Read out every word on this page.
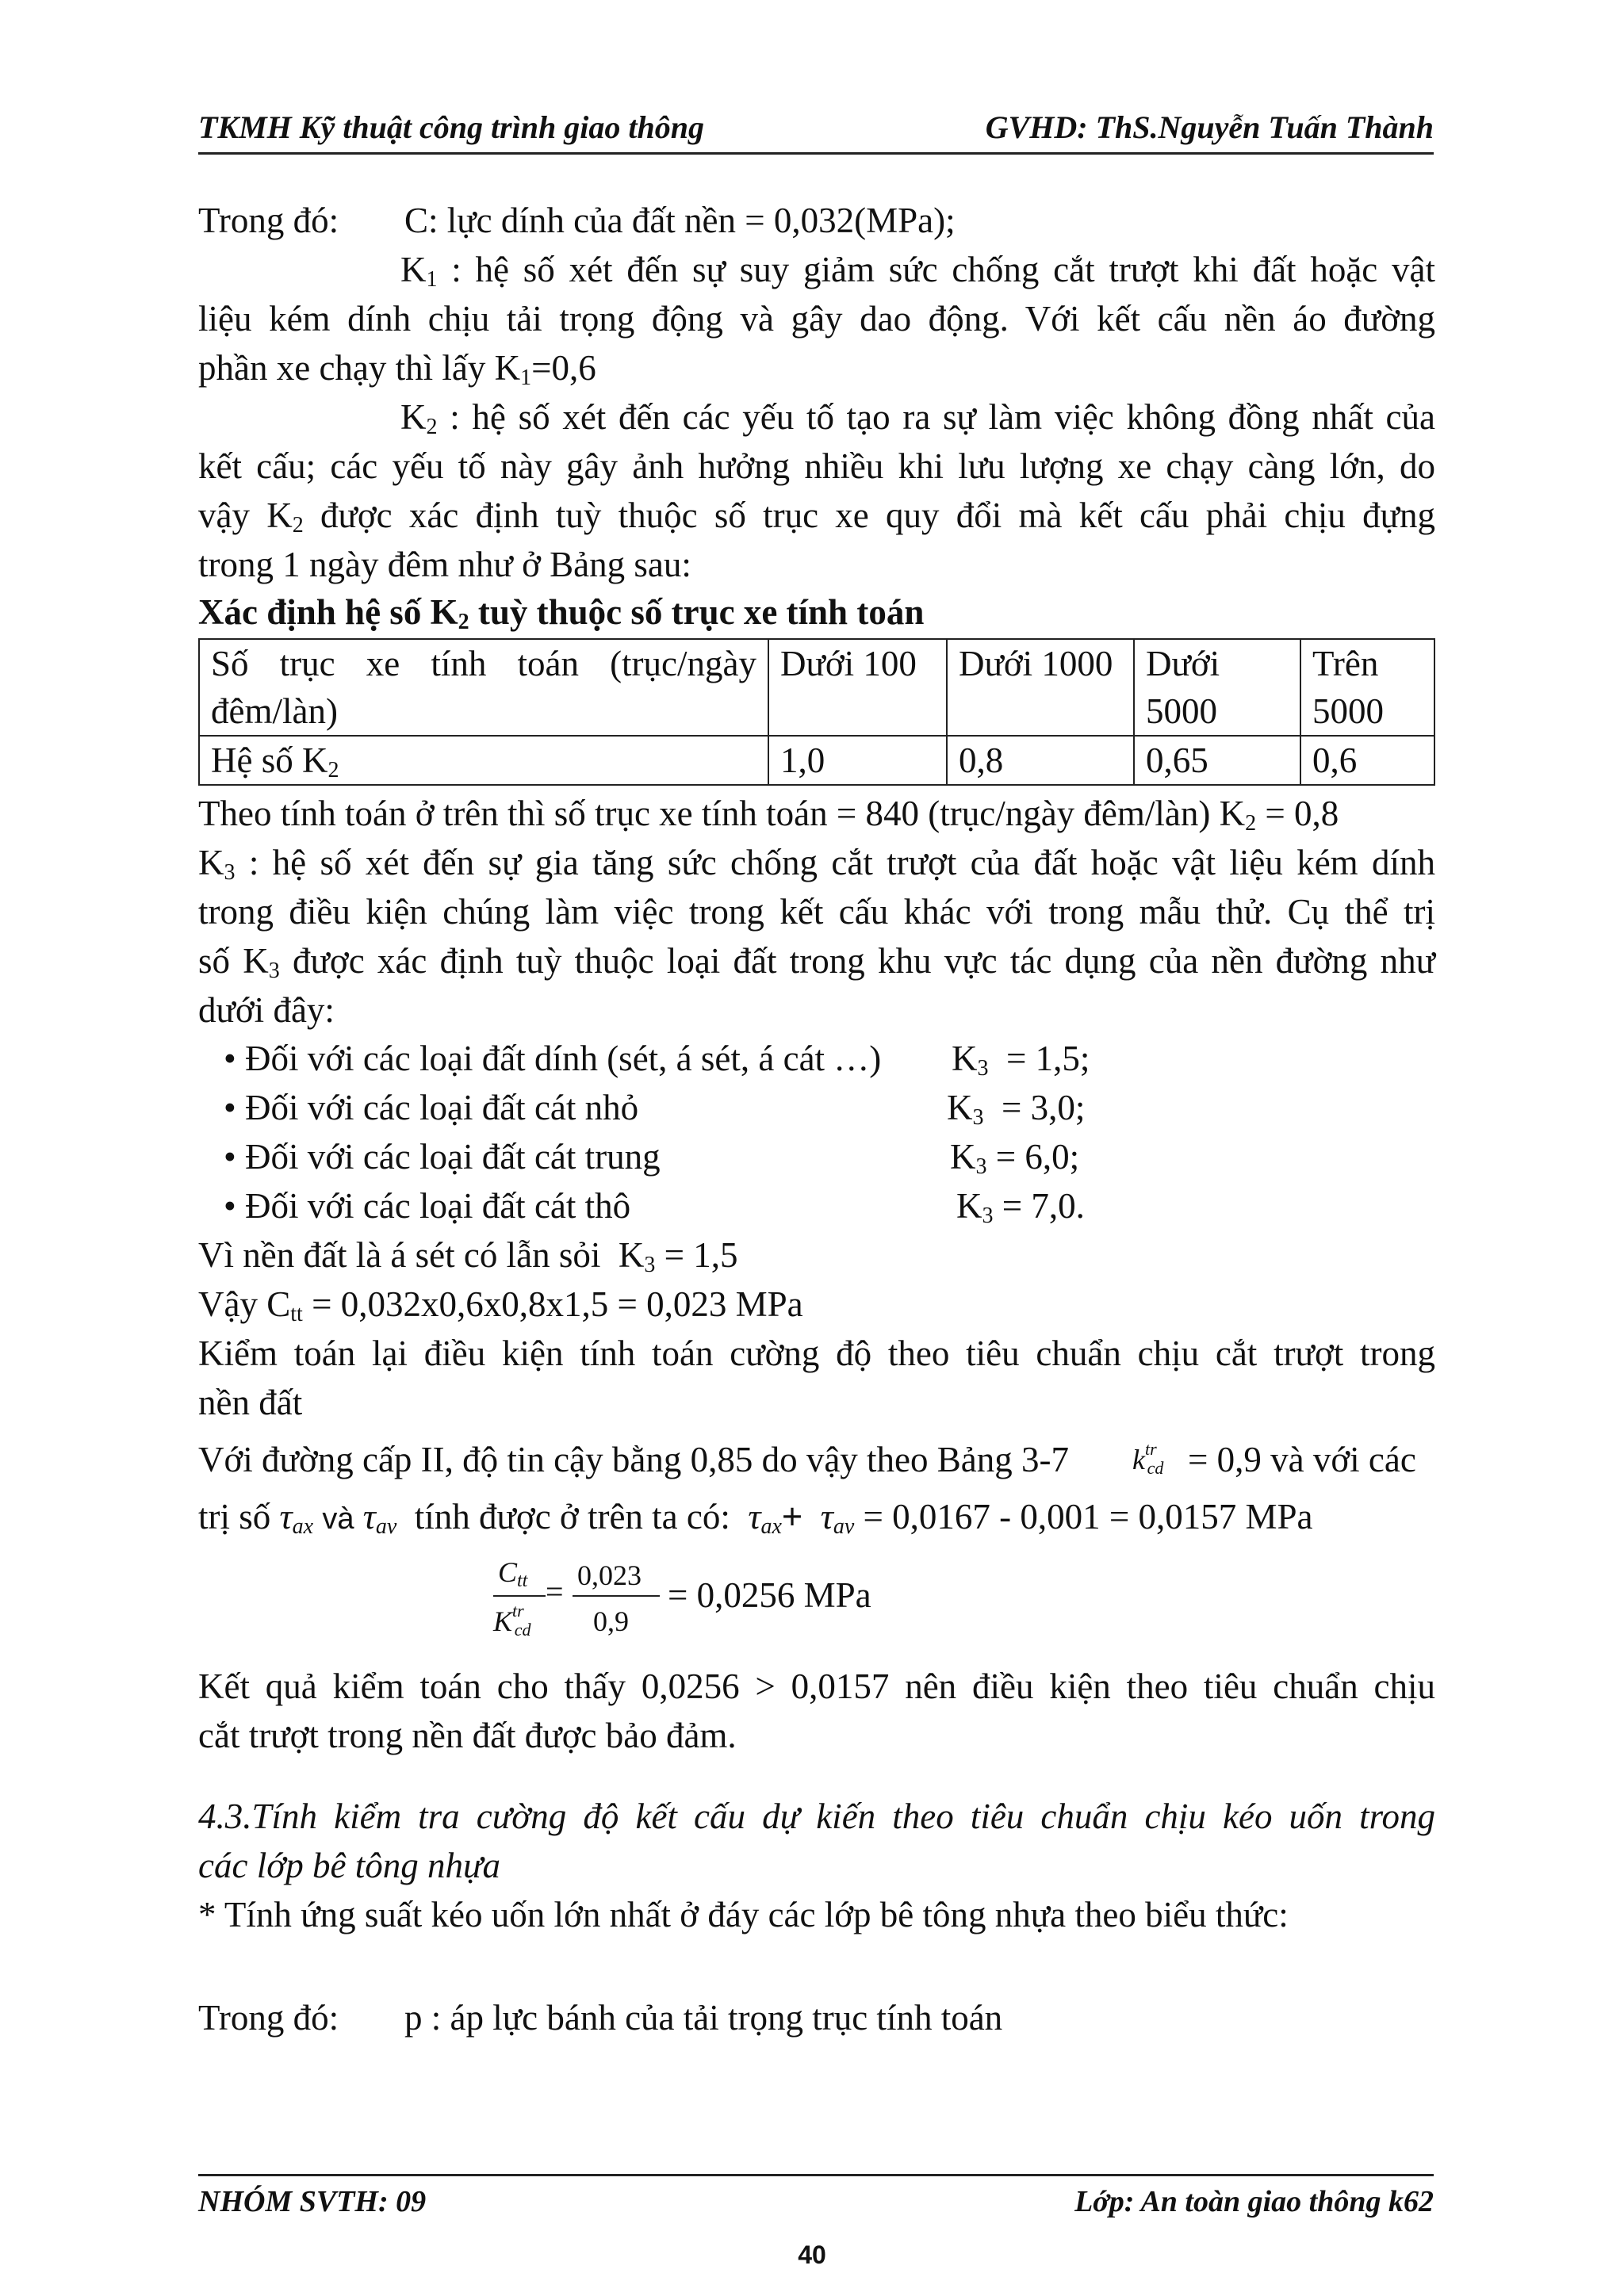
TKMH Kỹ thuật công trình giao thông	GVHD: ThS.Nguyễn Tuấn Thành
Trong đó: C: lực dính của đất nền = 0,032(MPa);
$K_1$ : hệ số xét đến sự suy giảm sức chống cắt trượt khi đất hoặc vật
liệu kém dính chịu tải trọng động và gây dao động. Với kết cấu nền áo đường
phần xe chạy thì lấy $K_1=0,6$
$K_2$ : hệ số xét đến các yếu tố tạo ra sự làm việc không đồng nhất của
kết cấu; các yếu tố này gây ảnh hưởng nhiều khi lưu lượng xe chạy càng lớn, do
vậy $K_2$ được xác định tuỳ thuộc số trục xe quy đổi mà kết cấu phải chịu đựng
trong 1 ngày đêm như ở Bảng sau:
Xác định hệ số $K_2$ tuỳ thuộc số trục xe tính toán
Số trục xe tính toán (trục/ngày đêm/làn)	Dưới 100	Dưới 1000	Dưới 5000	Trên 5000
Hệ số $K_2$	1,0	0,8	0,65	0,6
Theo tính toán ở trên thì số trục xe tính toán = 840 (trục/ngày đêm/làn) $K_2 = 0,8$
$K_3$ : hệ số xét đến sự gia tăng sức chống cắt trượt của đất hoặc vật liệu kém dính
trong điều kiện chúng làm việc trong kết cấu khác với trong mẫu thử. Cụ thể trị
số $K_3$ được xác định tuỳ thuộc loại đất trong khu vực tác dụng của nền đường như
dưới đây:
• Đối với các loại đất dính (sét, á sét, á cát …) $K_3 = 1,5$;
• Đối với các loại đất cát nhỏ	$K_3 = 3,0$;
• Đối với các loại đất cát trung	$K_3 = 6,0$;
• Đối với các loại đất cát thô	$K_3 = 7,0$.
Vì nền đất là á sét có lẫn sỏi $K_3 = 1,5$
Vậy $C_{tt} = 0,032x0,6x0,8x1,5 = 0,023$ MPa
Kiểm toán lại điều kiện tính toán cường độ theo tiêu chuẩn chịu cắt trượt trong
nền đất
Với đường cấp II, độ tin cậy bằng 0,85 do vậy theo Bảng 3-7 $k^{tr}_{cd} = 0,9$ và với các
trị số $\tau_{ax}$ và $\tau_{av}$ tính được ở trên ta có: $\tau_{ax}+ \tau_{av} = 0,0167 - 0,001 = 0,0157$ MPa
$C_{tt}$
$K^{tr}_{cd}$
= 0,023
0,9
= 0,0256 MPa
Kết quả kiểm toán cho thấy 0,0256 > 0,0157 nên điều kiện theo tiêu chuẩn chịu
cắt trượt trong nền đất được bảo đảm.
4.3.Tính kiểm tra cường độ kết cấu dự kiến theo tiêu chuẩn chịu kéo uốn trong
các lớp bê tông nhựa
* Tính ứng suất kéo uốn lớn nhất ở đáy các lớp bê tông nhựa theo biểu thức:
Trong đó: p : áp lực bánh của tải trọng trục tính toán
NHÓM SVTH: 09	Lớp: An toàn giao thông k62
40
